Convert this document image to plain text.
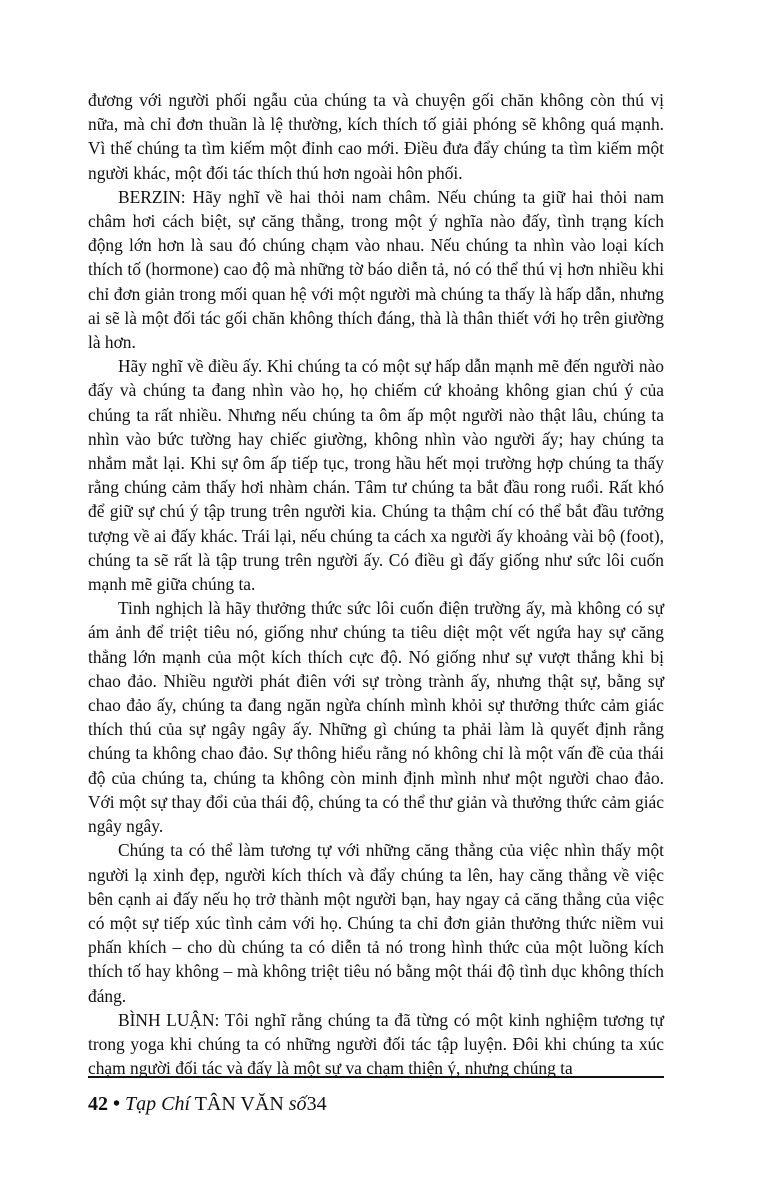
đương với người phối ngẫu của chúng ta và chuyện gối chăn không còn thú vị nữa, mà chỉ đơn thuần là lệ thường, kích thích tố giải phóng sẽ không quá mạnh. Vì thế chúng ta tìm kiếm một đỉnh cao mới. Điều đưa đẩy chúng ta tìm kiếm một người khác, một đối tác thích thú hơn ngoài hôn phối.

BERZIN: Hãy nghĩ về hai thỏi nam châm. Nếu chúng ta giữ hai thỏi nam châm hơi cách biệt, sự căng thẳng, trong một ý nghĩa nào đấy, tình trạng kích động lớn hơn là sau đó chúng chạm vào nhau. Nếu chúng ta nhìn vào loại kích thích tố (hormone) cao độ mà những tờ báo diễn tả, nó có thể thú vị hơn nhiều khi chỉ đơn giản trong mối quan hệ với một người mà chúng ta thấy là hấp dẫn, nhưng ai sẽ là một đối tác gối chăn không thích đáng, thà là thân thiết với họ trên giường là hơn.

Hãy nghĩ về điều ấy. Khi chúng ta có một sự hấp dẫn mạnh mẽ đến người nào đấy và chúng ta đang nhìn vào họ, họ chiếm cứ khoảng không gian chú ý của chúng ta rất nhiều. Nhưng nếu chúng ta ôm ấp một người nào thật lâu, chúng ta nhìn vào bức tường hay chiếc giường, không nhìn vào người ấy; hay chúng ta nhắm mắt lại. Khi sự ôm ấp tiếp tục, trong hầu hết mọi trường hợp chúng ta thấy rằng chúng cảm thấy hơi nhàm chán. Tâm tư chúng ta bắt đầu rong ruổi. Rất khó để giữ sự chú ý tập trung trên người kia. Chúng ta thậm chí có thể bắt đầu tưởng tượng về ai đấy khác. Trái lại, nếu chúng ta cách xa người ấy khoảng vài bộ (foot), chúng ta sẽ rất là tập trung trên người ấy. Có điều gì đấy giống như sức lôi cuốn mạnh mẽ giữa chúng ta.

Tinh nghịch là hãy thưởng thức sức lôi cuốn điện trường ấy, mà không có sự ám ảnh để triệt tiêu nó, giống như chúng ta tiêu diệt một vết ngứa hay sự căng thẳng lớn mạnh của một kích thích cực độ. Nó giống như sự vượt thắng khi bị chao đảo. Nhiều người phát điên với sự tròng trành ấy, nhưng thật sự, bằng sự chao đảo ấy, chúng ta đang ngăn ngừa chính mình khỏi sự thưởng thức cảm giác thích thú của sự ngây ngây ấy. Những gì chúng ta phải làm là quyết định rằng chúng ta không chao đảo. Sự thông hiểu rằng nó không chỉ là một vấn đề của thái độ của chúng ta, chúng ta không còn minh định mình như một người chao đảo. Với một sự thay đổi của thái độ, chúng ta có thể thư giản và thưởng thức cảm giác ngây ngây.

Chúng ta có thể làm tương tự với những căng thẳng của việc nhìn thấy một người lạ xinh đẹp, người kích thích và đẩy chúng ta lên, hay căng thẳng về việc bên cạnh ai đấy nếu họ trở thành một người bạn, hay ngay cả căng thẳng của việc có một sự tiếp xúc tình cảm với họ. Chúng ta chỉ đơn giản thưởng thức niềm vui phấn khích – cho dù chúng ta có diễn tả nó trong hình thức của một luồng kích thích tố hay không – mà không triệt tiêu nó bằng một thái độ tình dục không thích đáng.

BÌNH LUẬN: Tôi nghĩ rằng chúng ta đã từng có một kinh nghiệm tương tự trong yoga khi chúng ta có những người đối tác tập luyện. Đôi khi chúng ta xúc chạm người đối tác và đấy là một sự va chạm thiện ý, nhưng chúng ta

42 • Tạp Chí TÂN VĂN số34
